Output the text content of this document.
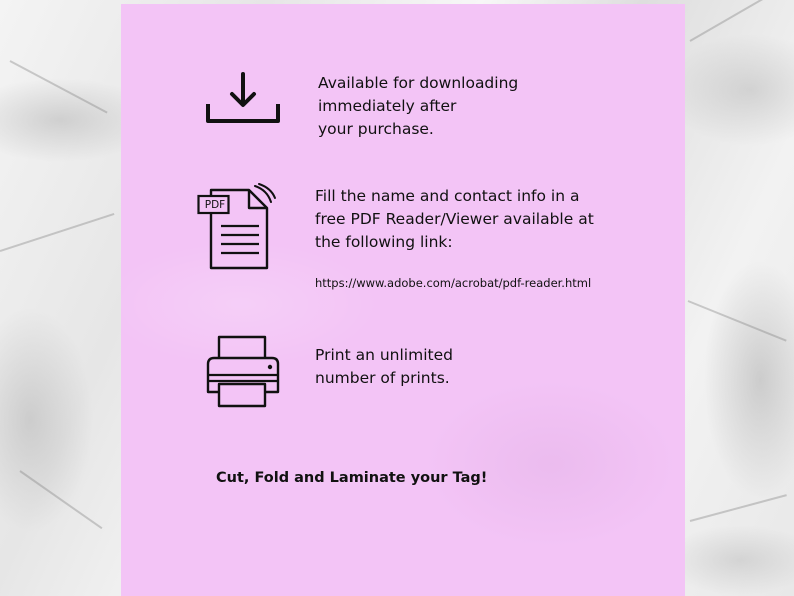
Available for downloading
immediately after
your purchase.

PDF	Fill the name and contact info in a
free PDF Reader/Viewer available at
the following link:

https://www.adobe.com/acrobat/pdf-reader.html

Print an unlimited
number of prints.

Cut, Fold and Laminate your Tag!
